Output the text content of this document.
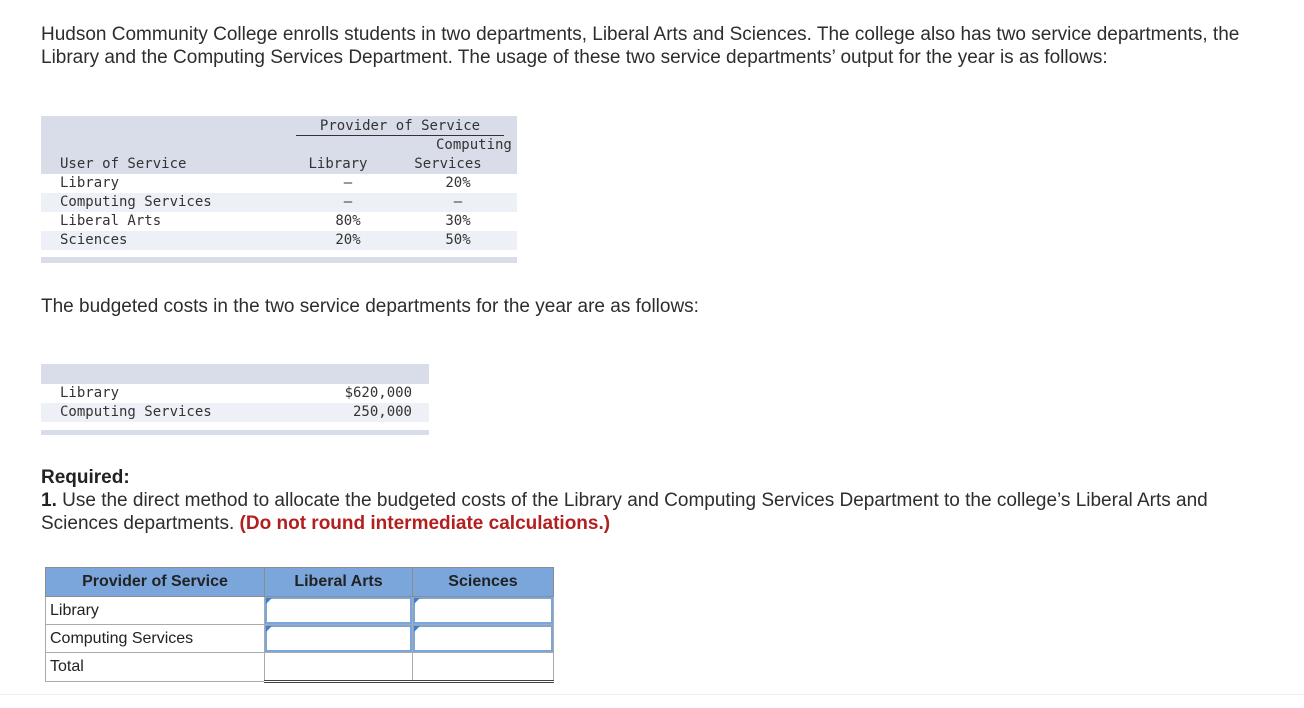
Hudson Community College enrolls students in two departments, Liberal Arts and Sciences. The college also has two service departments, the Library and the Computing Services Department. The usage of these two service departments’ output for the year is as follows:
Provider of Service
Computing
User of Service	Library	Services
Library	—	20%
Computing Services	—	—
Liberal Arts	80%	30%
Sciences	20%	50%
The budgeted costs in the two service departments for the year are as follows:
Library	$620,000
Computing Services	250,000
Required:
1. Use the direct method to allocate the budgeted costs of the Library and Computing Services Department to the college’s Liberal Arts and Sciences departments. (Do not round intermediate calculations.)
Provider of Service	Liberal Arts	Sciences
Library	

Computing Services	

Total		
